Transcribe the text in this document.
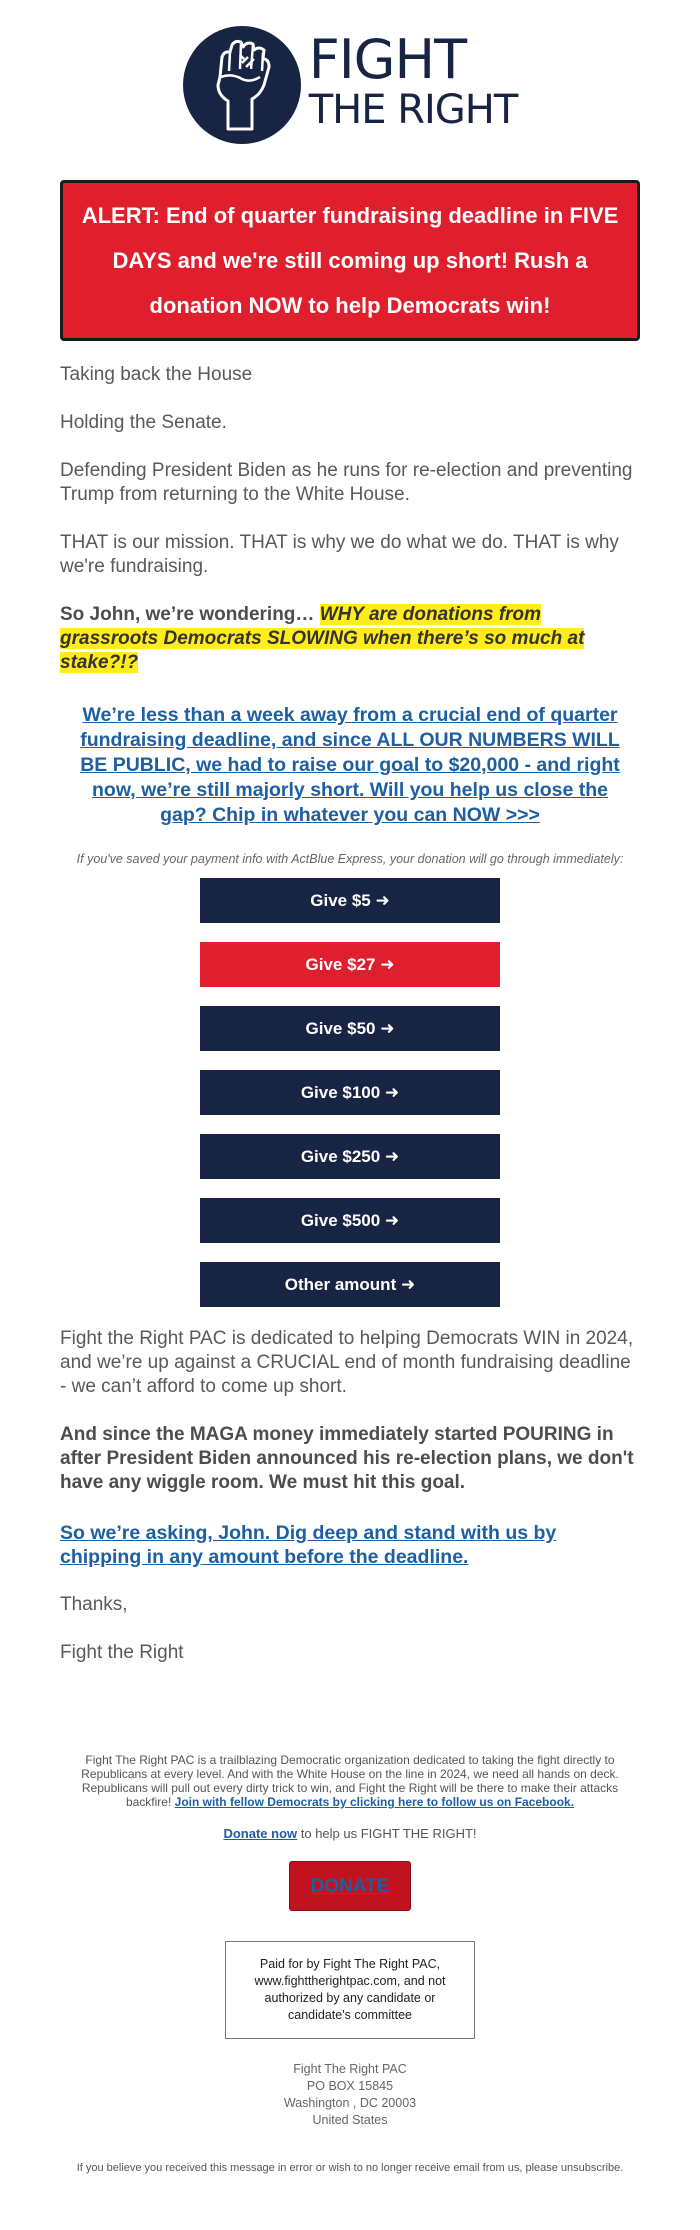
FIGHT
THE RIGHT

ALERT: End of quarter fundraising deadline in FIVE DAYS and we're still coming up short! Rush a donation NOW to help Democrats win!

Taking back the House

Holding the Senate.

Defending President Biden as he runs for re-election and preventing Trump from returning to the White House.

THAT is our mission. THAT is why we do what we do. THAT is why we're fundraising.

So John, we’re wondering… WHY are donations from grassroots Democrats SLOWING when there’s so much at stake?!?

We’re less than a week away from a crucial end of quarter fundraising deadline, and since ALL OUR NUMBERS WILL BE PUBLIC, we had to raise our goal to $20,000 - and right now, we’re still majorly short. Will you help us close the gap? Chip in whatever you can NOW >>>

If you've saved your payment info with ActBlue Express, your donation will go through immediately:

Give $5 ➜
Give $27 ➜
Give $50 ➜
Give $100 ➜
Give $250 ➜
Give $500 ➜
Other amount ➜

Fight the Right PAC is dedicated to helping Democrats WIN in 2024, and we’re up against a CRUCIAL end of month fundraising deadline - we can’t afford to come up short.

And since the MAGA money immediately started POURING in after President Biden announced his re-election plans, we don't have any wiggle room. We must hit this goal.

So we’re asking, John. Dig deep and stand with us by chipping in any amount before the deadline.

Thanks,

Fight the Right

Fight The Right PAC is a trailblazing Democratic organization dedicated to taking the fight directly to Republicans at every level. And with the White House on the line in 2024, we need all hands on deck. Republicans will pull out every dirty trick to win, and Fight the Right will be there to make their attacks backfire! Join with fellow Democrats by clicking here to follow us on Facebook.

Donate now to help us FIGHT THE RIGHT!

DONATE
Paid for by Fight The Right PAC, www.fighttherightpac.com, and not authorized by any candidate or candidate's committee
Fight The Right PAC
PO BOX 15845
Washington , DC 20003
United States

If you believe you received this message in error or wish to no longer receive email from us, please unsubscribe.
